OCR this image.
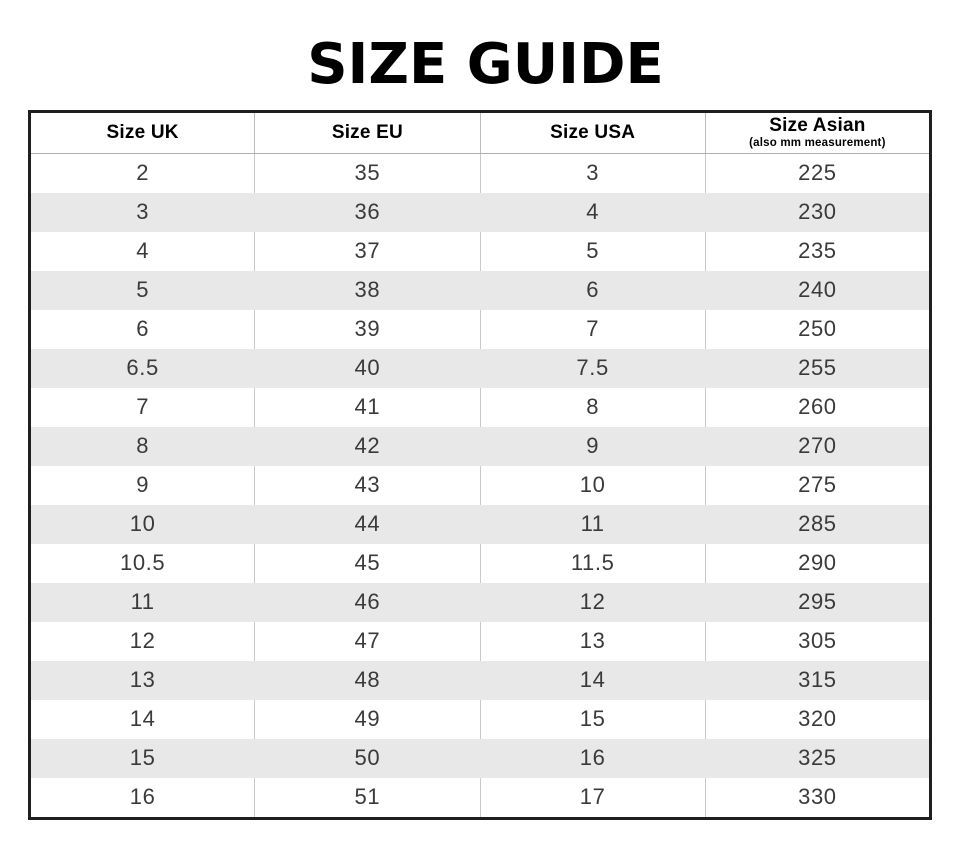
SIZE GUIDE
Size UK	Size EU	Size USA	Size Asian
(also mm measurement)

2	35	3	225
3	36	4	230
4	37	5	235
5	38	6	240
6	39	7	250
6.5	40	7.5	255
7	41	8	260
8	42	9	270
9	43	10	275
10	44	11	285
10.5	45	11.5	290
11	46	12	295
12	47	13	305
13	48	14	315
14	49	15	320
15	50	16	325
16	51	17	330
